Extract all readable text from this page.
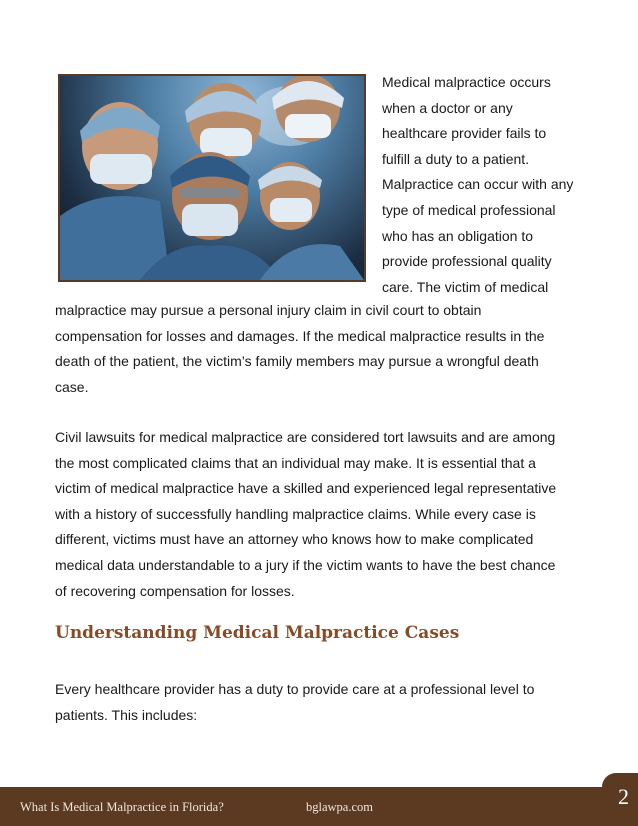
Medical malpractice occurs

when a doctor or any

healthcare provider fails to

fulfill a duty to a patient.

Malpractice can occur with any

type of medical professional

who has an obligation to

provide professional quality

care. The victim of medical

malpractice may pursue a personal injury claim in civil court to obtain

compensation for losses and damages. If the medical malpractice results in the

death of the patient, the victim’s family members may pursue a wrongful death

case.

Civil lawsuits for medical malpractice are considered tort lawsuits and are among

the most complicated claims that an individual may make. It is essential that a

victim of medical malpractice have a skilled and experienced legal representative

with a history of successfully handling malpractice claims. While every case is

different, victims must have an attorney who knows how to make complicated

medical data understandable to a jury if the victim wants to have the best chance

of recovering compensation for losses.

Understanding Medical Malpractice Cases

Every healthcare provider has a duty to provide care at a professional level to

patients. This includes:

What Is Medical Malpractice in Florida?	bglawpa.com	2
